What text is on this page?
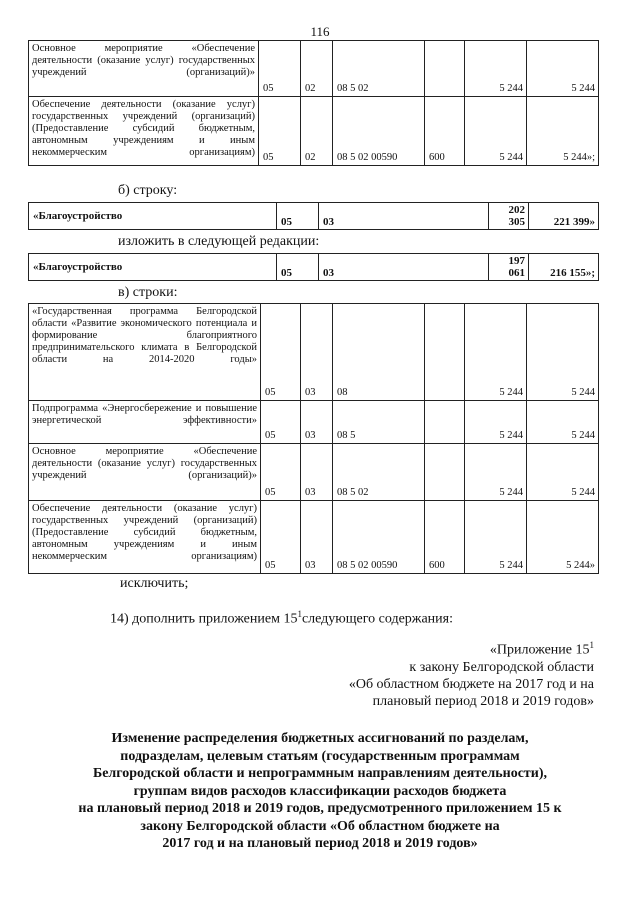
116
Основное мероприятие «Обеспечение деятельности (оказание услуг) государственных учреждений (организаций)»	05	02	08 5 02		5 244	5 244
Обеспечение деятельности (оказание услуг) государственных учреждений (организаций) (Предоставление субсидий бюджетным, автономным учреждениям и иным некоммерческим организациям)	05	02	08 5 02 00590	600	5 244	5 244»;
б) строку:
«Благоустройство	05	03	202 305	221 399»
изложить в следующей редакции:
«Благоустройство	05	03	197 061	216 155»;
в) строки:
«Государственная программа Белгородской области «Развитие экономического потенциала и формирование благоприятного предпринимательского климата в Белгородской области на 2014-2020 годы»	05	03	08		5 244	5 244
Подпрограмма «Энергосбережение и повышение энергетической эффективности»	05	03	08 5		5 244	5 244
Основное мероприятие «Обеспечение деятельности (оказание услуг) государственных учреждений (организаций)»	05	03	08 5 02		5 244	5 244
Обеспечение деятельности (оказание услуг) государственных учреждений (организаций) (Предоставление субсидий бюджетным, автономным учреждениям и иным некоммерческим организациям)	05	03	08 5 02 00590	600	5 244	5 244»
исключить;
14) дополнить приложением $15^1следующего$ содержания:
«Приложение $15^1$
к закону Белгородской области
«Об областном бюджете на 2017 год и на
плановый период 2018 и 2019 годов»
Изменение распределения бюджетных ассигнований по разделам,
подразделам, целевым статьям (государственным программам
Белгородской области и непрограммным направлениям деятельности),
группам видов расходов классификации расходов бюджета
на плановый период 2018 и 2019 годов, предусмотренного приложением 15 к
закону Белгородской области «Об областном бюджете на
2017 год и на плановый период 2018 и 2019 годов»
